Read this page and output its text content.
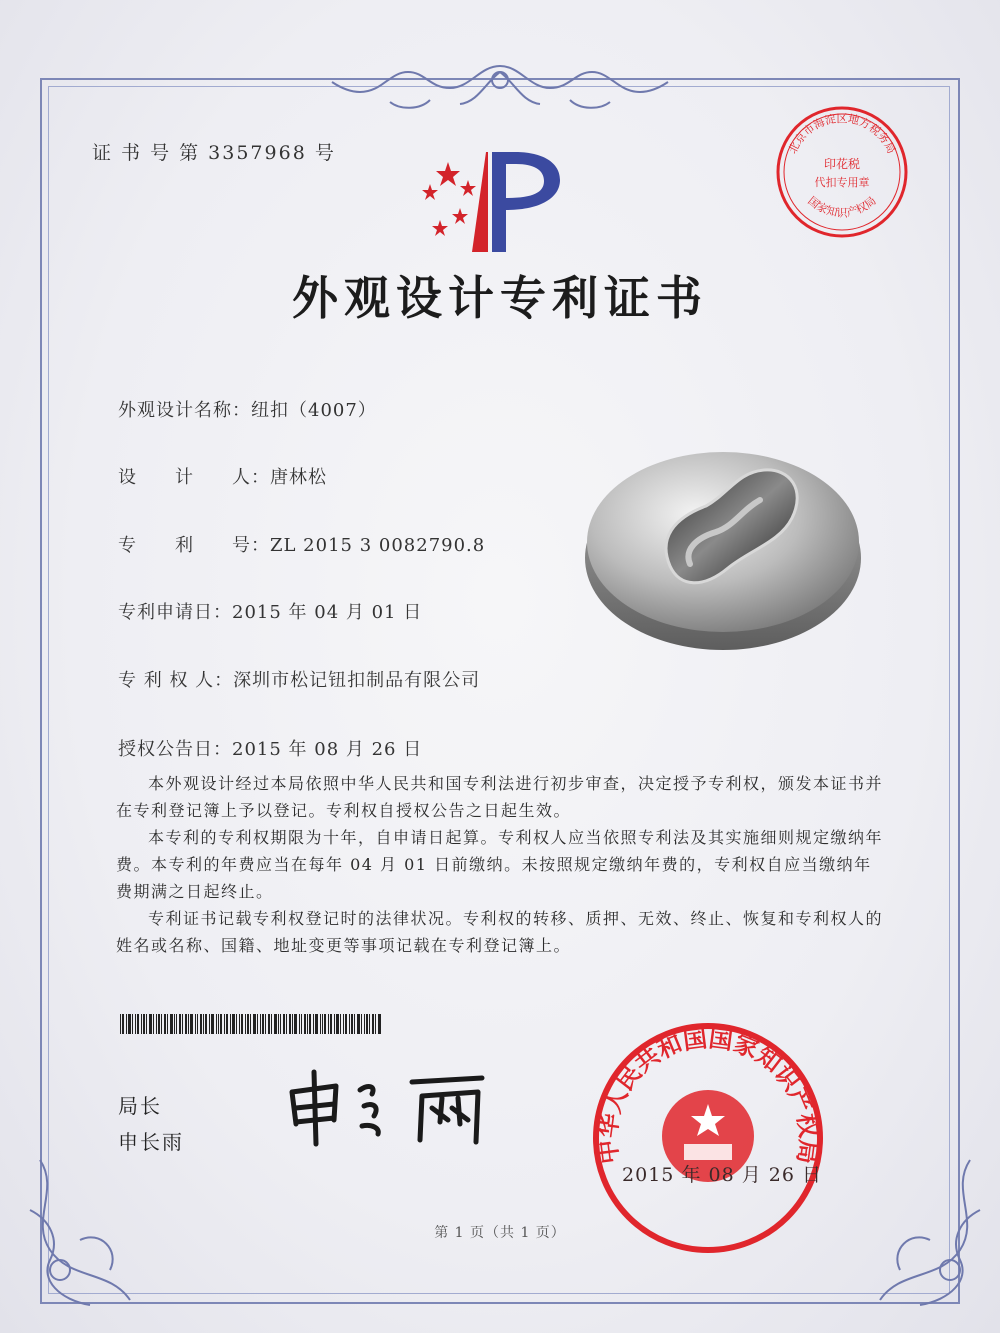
证 书 号 第 3357968 号
外观设计专利证书
外观设计名称：纽扣（4007）
设　　计　　人：唐林松
专　　利　　号：ZL 2015 3 0082790.8
专利申请日：2015 年 04 月 01 日
专 利 权 人：深圳市松记钮扣制品有限公司
授权公告日：2015 年 08 月 26 日

本外观设计经过本局依照中华人民共和国专利法进行初步审查，决定授予专利权，颁发本证书并在专利登记簿上予以登记。专利权自授权公告之日起生效。

本专利的专利权期限为十年，自申请日起算。专利权人应当依照专利法及其实施细则规定缴纳年费。本专利的年费应当在每年 04 月 01 日前缴纳。未按照规定缴纳年费的，专利权自应当缴纳年费期满之日起终止。

专利证书记载专利权登记时的法律状况。专利权的转移、质押、无效、终止、恢复和专利权人的姓名或名称、国籍、地址变更等事项记载在专利登记簿上。

局长
申长雨
北京市海淀区地方税务局
印花税
代扣专用章
国家知识产权局
中华人民共和国国家知识产权局
2015 年 08 月 26 日
第 1 页（共 1 页）
